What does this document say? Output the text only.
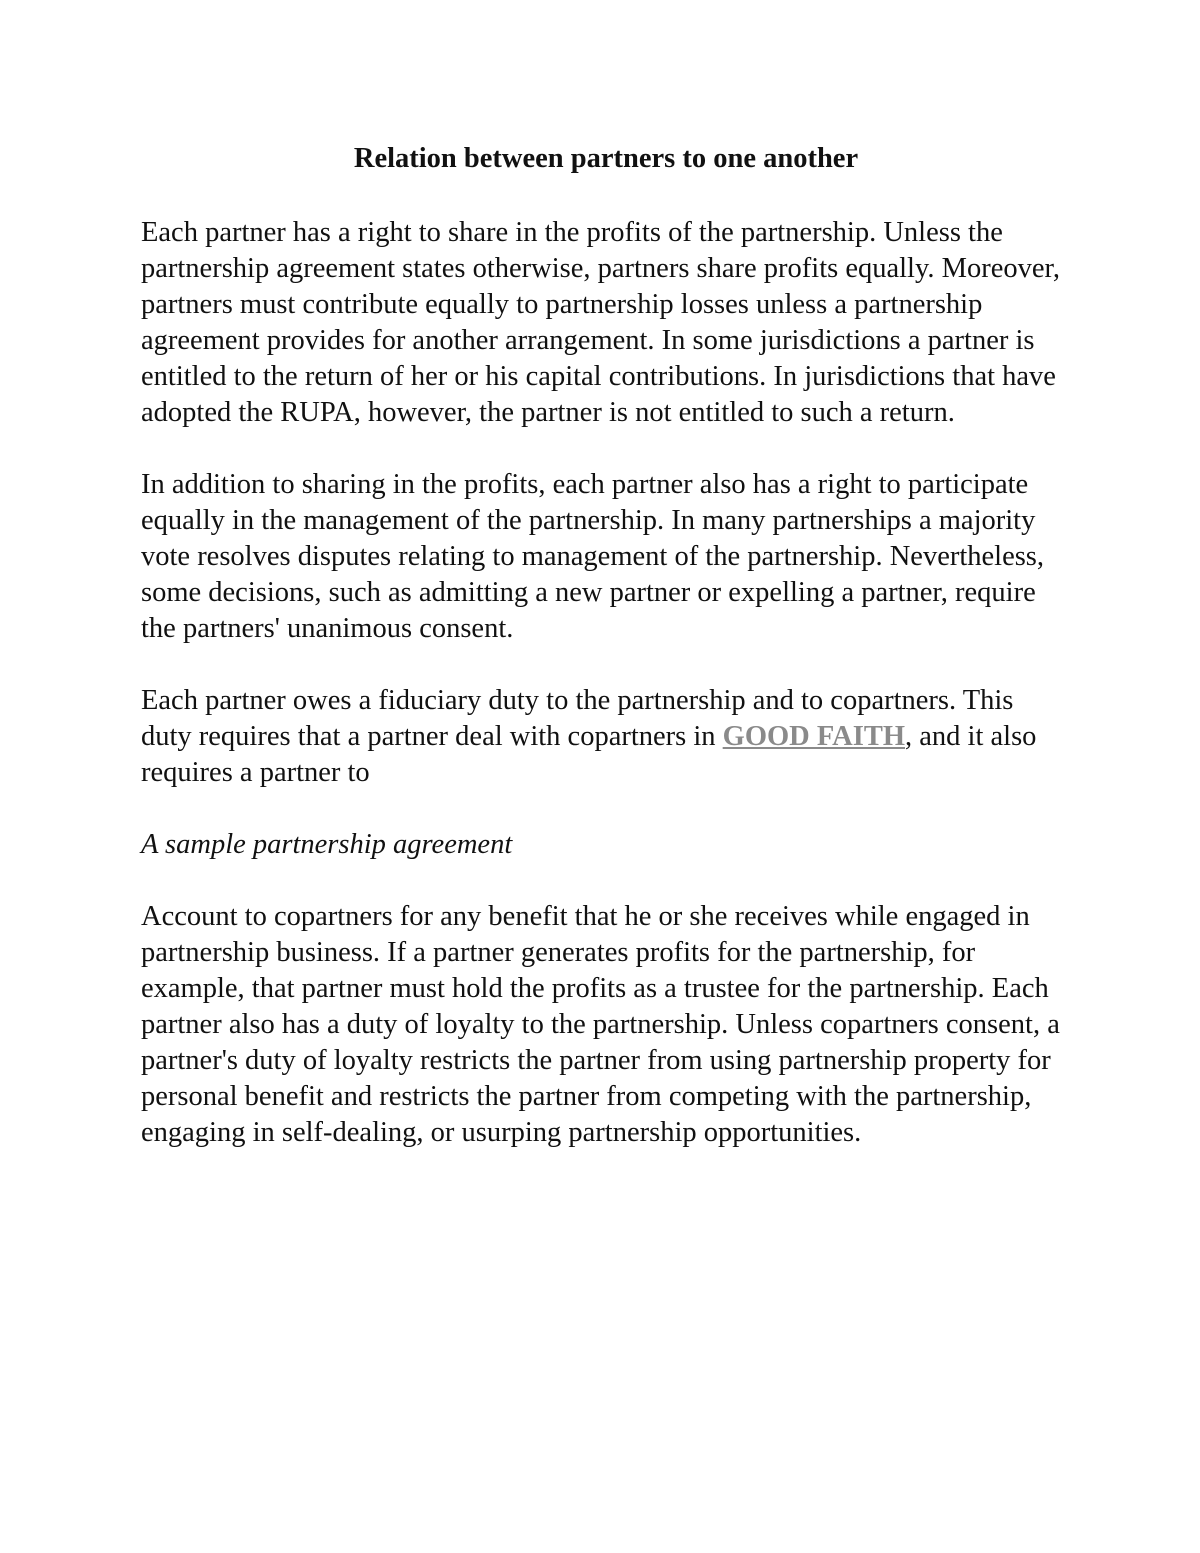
Relation between partners to one another

Each partner has a right to share in the profits of the partnership. Unless the partnership agreement states otherwise, partners share profits equally. Moreover, partners must contribute equally to partnership losses unless a partnership agreement provides for another arrangement. In some jurisdictions a partner is entitled to the return of her or his capital contributions. In jurisdictions that have adopted the RUPA, however, the partner is not entitled to such a return.

In addition to sharing in the profits, each partner also has a right to participate equally in the management of the partnership. In many partnerships a majority vote resolves disputes relating to management of the partnership. Nevertheless, some decisions, such as admitting a new partner or expelling a partner, require the partners' unanimous consent.

Each partner owes a fiduciary duty to the partnership and to copartners. This duty requires that a partner deal with copartners in GOOD FAITH, and it also requires a partner to

A sample partnership agreement

Account to copartners for any benefit that he or she receives while engaged in partnership business. If a partner generates profits for the partnership, for example, that partner must hold the profits as a trustee for the partnership. Each partner also has a duty of loyalty to the partnership. Unless copartners consent, a partner's duty of loyalty restricts the partner from using partnership property for personal benefit and restricts the partner from competing with the partnership, engaging in self-dealing, or usurping partnership opportunities.
